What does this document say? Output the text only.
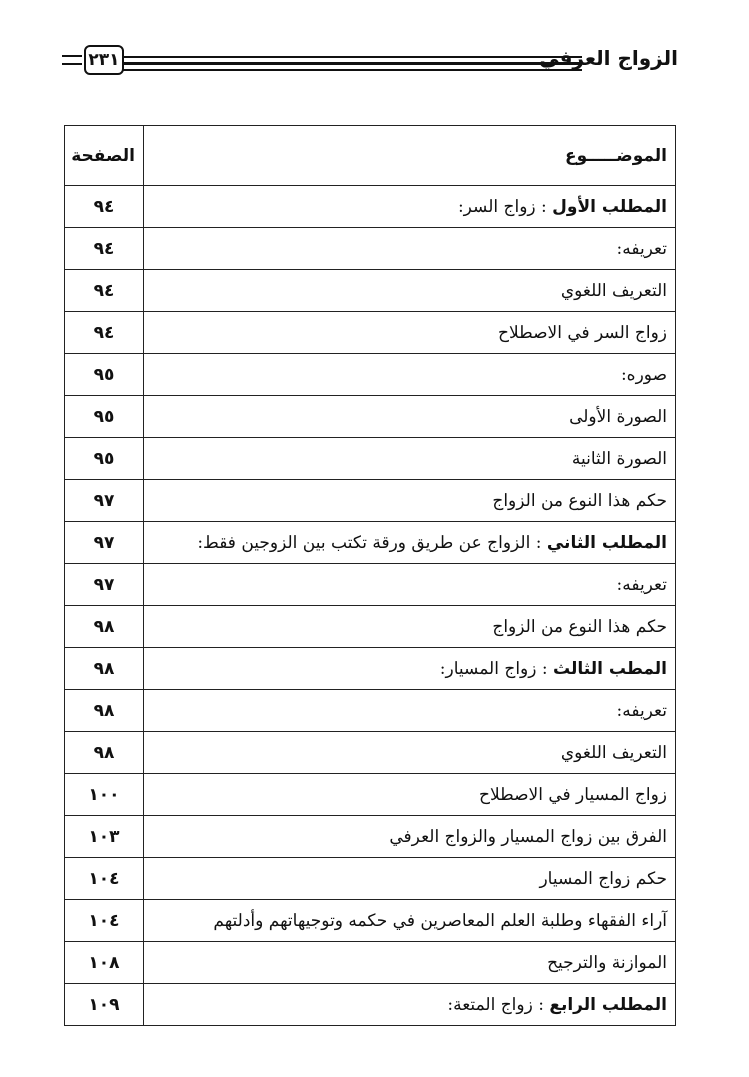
الزواج العرفي
٢٣١
الموضـــــوع	الصفحة
المطلب الأول : زواج السر:	٩٤
تعريفه:	٩٤
التعريف اللغوي	٩٤
زواج السر في الاصطلاح	٩٤
صوره:	٩٥
الصورة الأولى	٩٥
الصورة الثانية	٩٥
حكم هذا النوع من الزواج	٩٧
المطلب الثاني : الزواج عن طريق ورقة تكتب بين الزوجين فقط:	٩٧
تعريفه:	٩٧
حكم هذا النوع من الزواج	٩٨
المطب الثالث : زواج المسيار:	٩٨
تعريفه:	٩٨
التعريف اللغوي	٩٨
زواج المسيار في الاصطلاح	١٠٠
الفرق بين زواج المسيار والزواج العرفي	١٠٣
حكم زواج المسيار	١٠٤
آراء الفقهاء وطلبة العلم المعاصرين في حكمه وتوجيهاتهم وأدلتهم	١٠٤
الموازنة والترجيح	١٠٨
المطلب الرابع : زواج المتعة:	١٠٩
